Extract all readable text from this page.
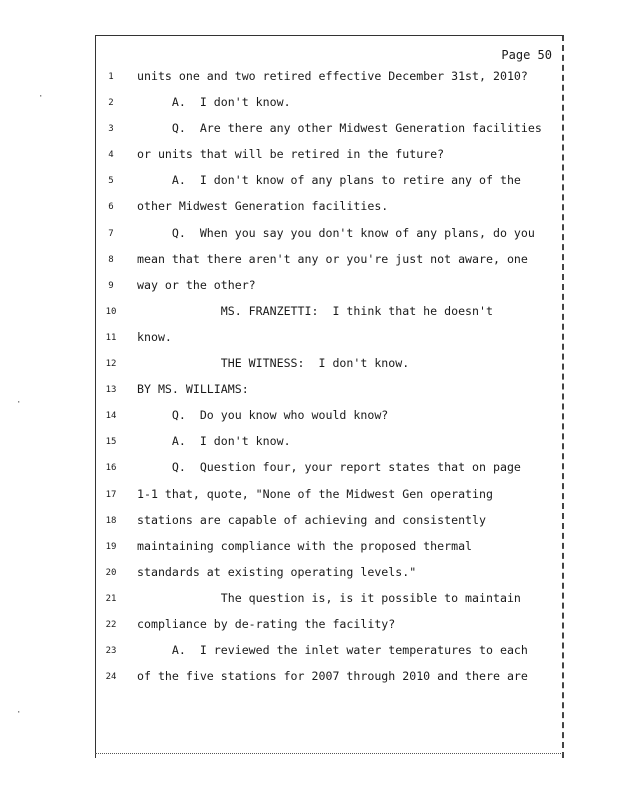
Page 50
1
2
3
4
5
6
7
8
9
10
11
12
13
14
15
16
17
18
19
20
21
22
23
24
units one and two retired effective December 31st, 2010?
A.  I don't know.
Q.  Are there any other Midwest Generation facilities
or units that will be retired in the future?
A.  I don't know of any plans to retire any of the
other Midwest Generation facilities.
Q.  When you say you don't know of any plans, do you
mean that there aren't any or you're just not aware, one
way or the other?
MS. FRANZETTI:  I think that he doesn't
know.
THE WITNESS:  I don't know.
BY MS. WILLIAMS:
Q.  Do you know who would know?
A.  I don't know.
Q.  Question four, your report states that on page
1-1 that, quote, "None of the Midwest Gen operating
stations are capable of achieving and consistently
maintaining compliance with the proposed thermal
standards at existing operating levels."
The question is, is it possible to maintain
compliance by de-rating the facility?
A.  I reviewed the inlet water temperatures to each
of the five stations for 2007 through 2010 and there are
·
·
·
